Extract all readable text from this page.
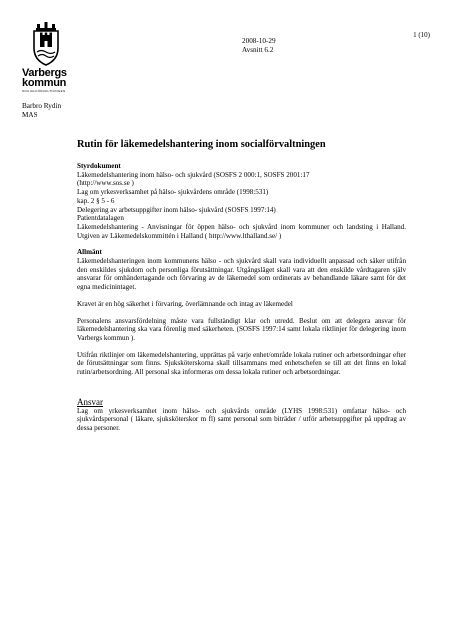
Varbergs
kommun
SOCIALFÖRVALTNINGEN
1 (10)
2008-10-29
Avsnitt 6.2
Barbro Rydin
MAS
Rutin för läkemedelshantering inom socialförvaltningen

Styrdokument

Läkemedelshantering inom hälso- och sjukvård (SOSFS 2 000:1, SOSFS 2001:17

(http://www.sos.se )

Lag om yrkesverksamhet på hälso- sjukvårdens område (1998:531)

kap. 2 § 5 - 6

Delegering av arbetsuppgifter inom hälso- sjukvård (SOSFS 1997:14)

Patientdatalagen

Läkemedelshantering - Anvisningar för öppen hälso- och sjukvård inom kommuner och landsting i Halland. Utgiven av Läkemedelskommittén i Halland ( http://www.lthalland.se/ )

Allmänt

Läkemedelshanteringen inom kommunens hälso - och sjukvård skall vara individuellt anpassad och säker utifrån den enskildes sjukdom och personliga förutsättningar. Utgångsläget skall vara att den enskilde vårdtagaren själv ansvarar för omhändertagande och förvaring av de läkemedel som ordinerats av behandlande läkare samt för det egna medicinintaget.

Kravet är en hög säkerhet i förvaring, överlämnande och intag av läkemedel

Personalens ansvarsfördelning måste vara fullständigt klar och utredd. Beslut om att delegera ansvar för läkemedelshantering ska vara förenlig med säkerheten. (SOSFS 1997:14 samt lokala riktlinjer för delegering inom Varbergs kommun ).

Utifrån riktlinjer om läkemedelshantering, upprättas på varje enhet/område lokala rutiner och arbetsordningar efter de förutsättningar som finns. Sjuksköterskorna skall tillsammans med enhetschefen se till att det finns en lokal rutin/arbetsordning. All personal ska informeras om dessa lokala rutiner och arbetsordningar.

Ansvar

Lag om yrkesverksamhet inom hälso- och sjukvårds område (LYHS 1998:531) omfattar hälso- och sjukvårdspersonal ( läkare, sjuksköterskor m fl) samt personal som biträder / utför arbetsuppgifter på uppdrag av dessa personer.
